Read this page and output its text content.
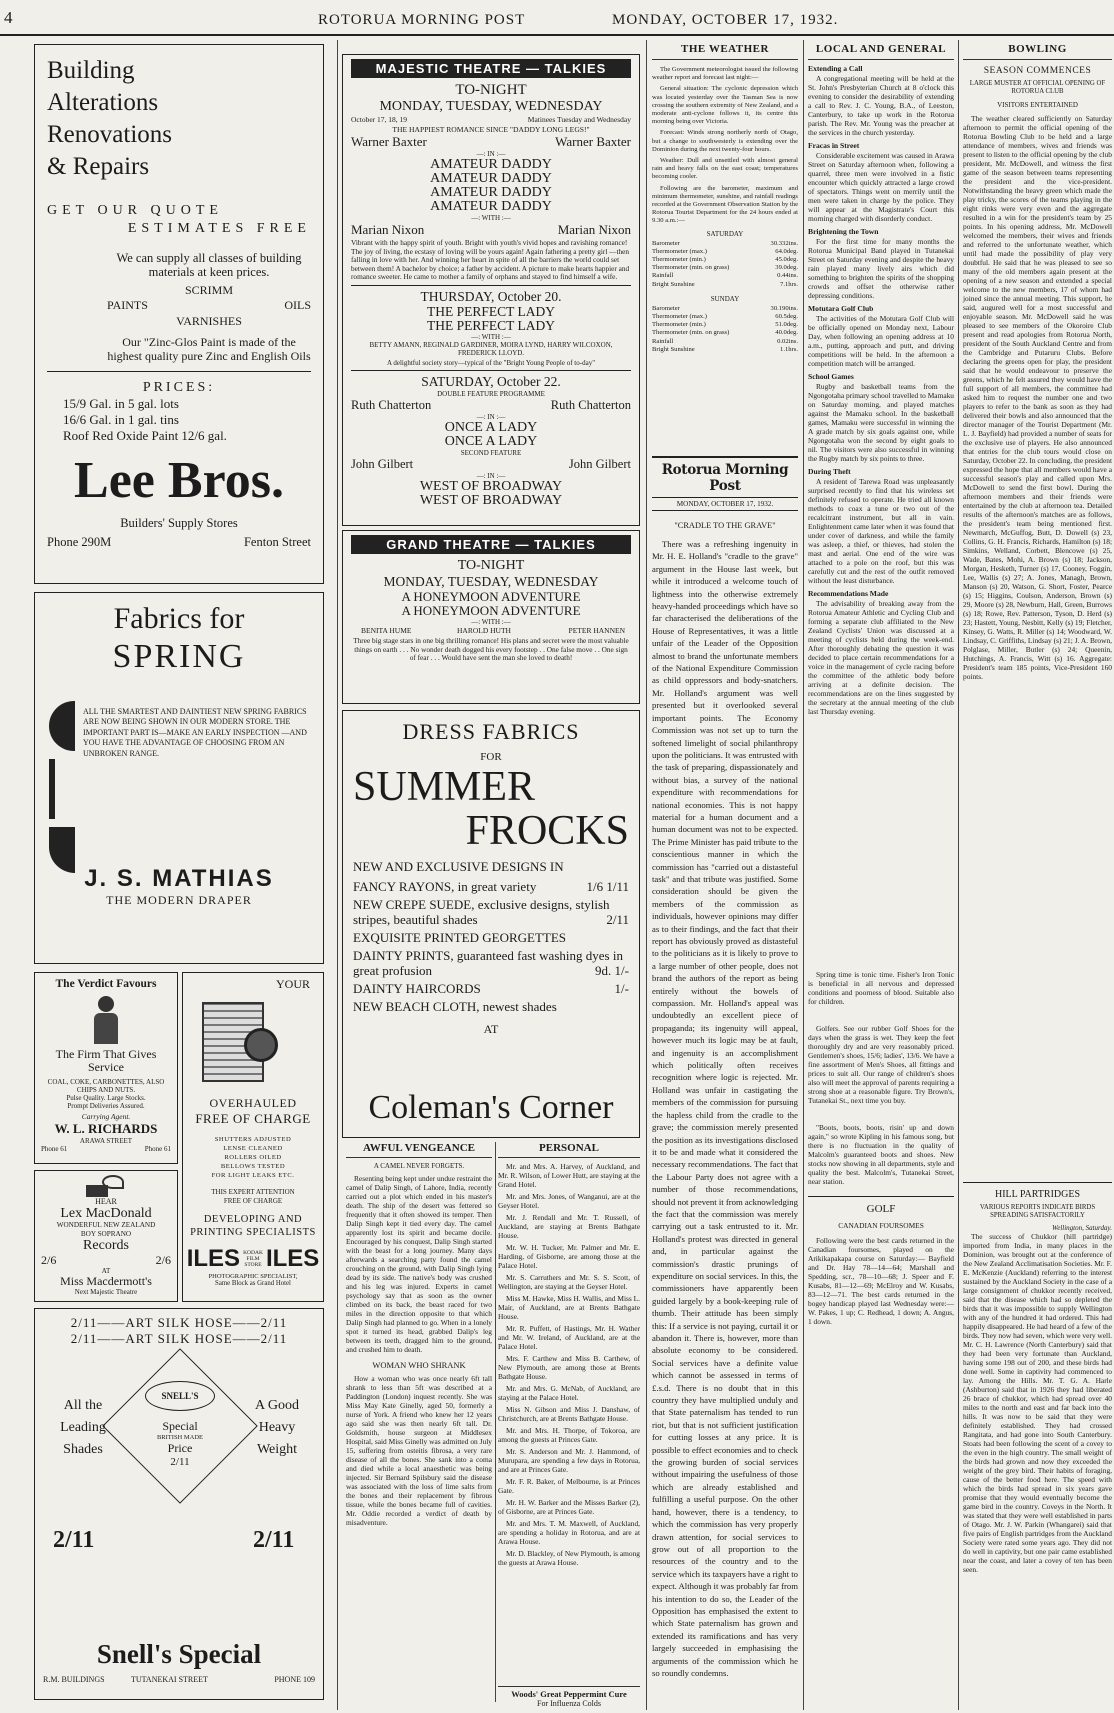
4	ROTORUA MORNING POST	MONDAY, OCTOBER 17, 1932.
Building
Alterations
Renovations
& Repairs
GET OUR QUOTE
ESTIMATES FREE
We can supply all classes of building materials at keen prices.
SCRIMM
PAINTS	OILS
VARNISHES
Our "Zinc-Glos Paint is made of the highest quality pure Zinc and English Oils
PRICES:
15/9 Gal. in 5 gal. lots
16/6 Gal. in 1 gal. tins
Roof Red Oxide Paint 12/6 gal.
Lee Bros.
Builders' Supply Stores
Phone 290M	Fenton Street
Fabrics for
SPRING
ALL THE SMARTEST AND DAINTIEST NEW SPRING FABRICS ARE NOW BEING SHOWN IN OUR MODERN STORE. THE IMPORTANT PART IS—MAKE AN EARLY INSPECTION —AND YOU HAVE THE ADVANTAGE OF CHOOSING FROM AN UNBROKEN RANGE.
J. S. MATHIAS
THE MODERN DRAPER
The Verdict Favours
The Firm That Gives Service
COAL, COKE, CARBONETTES, ALSO CHIPS AND NUTS.
Pulse Quality. Large Stocks.
Prompt Deliveries Assured.
Carrying Agent.
W. L. RICHARDS
ARAWA STREET
Phone 61	Phone 61
YOUR
OVERHAULED
FREE OF CHARGE
SHUTTERS ADJUSTED
LENSE CLEANED
ROLLERS OILED
BELLOWS TESTED
FOR LIGHT LEAKS ETC.
THIS EXPERT ATTENTION
FREE OF CHARGE
DEVELOPING AND
PRINTING SPECIALISTS
ILES KODAK
FILM
STORE ILES
PHOTOGRAPHIC SPECIALIST,
Same Block as Grand Hotel
HEAR
Lex MacDonald
WONDERFUL NEW ZEALAND
BOY SOPRANO
Records
2/6	2/6
AT
Miss Macdermott's
Next Majestic Theatre
2/11——ART SILK HOSE——2/11
2/11——ART SILK HOSE——2/11
All the
Leading
Shades
A Good
Heavy
Weight
SNELL'S
Special
BRITISH MADE
Price
2/11
2/11	2/11
Snell's Special
R.M. BUILDINGS	TUTANEKAI STREET	PHONE 109
MAJESTIC THEATRE — TALKIES
TO-NIGHT
MONDAY, TUESDAY, WEDNESDAY
October 17, 18, 19	Matinees Tuesday and Wednesday
THE HAPPIEST ROMANCE SINCE "DADDY LONG LEGS!"
Warner Baxter	Warner Baxter
—: IN :—
AMATEUR DADDY
AMATEUR DADDY
AMATEUR DADDY
AMATEUR DADDY
—: WITH :—
Marian Nixon	Marian Nixon
Vibrant with the happy spirit of youth. Bright with youth's vivid hopes and ravishing romance! The joy of living, the ecstasy of loving will be yours again! Again fathering a pretty girl —then falling in love with her. And winning her heart in spite of all the barriers the world could set between them! A bachelor by choice; a father by accident. A picture to make hearts happier and romance sweeter. He came to mother a family of orphans and stayed to find himself a wife.
THURSDAY, October 20.
THE PERFECT LADY
THE PERFECT LADY
—: WITH :—
BETTY AMANN, REGINALD GARDINER, MOIRA LYND, HARRY WILCOXON, FREDERICK LLOYD.
A delightful society story—typical of the "Bright Young People of to-day"
SATURDAY, October 22.
DOUBLE FEATURE PROGRAMME
Ruth Chatterton	Ruth Chatterton
—: IN :—
ONCE A LADY
ONCE A LADY
SECOND FEATURE
John Gilbert	John Gilbert
—: IN :—
WEST OF BROADWAY
WEST OF BROADWAY
GRAND THEATRE — TALKIES
TO-NIGHT
MONDAY, TUESDAY, WEDNESDAY
A HONEYMOON ADVENTURE
A HONEYMOON ADVENTURE
—: WITH :—
BENITA HUME	HAROLD HUTH	PETER HANNEN
Three big stage stars in one big thrilling romance! His plans and secret were the most valuable things on earth . . . No wonder death dogged his every footstep . . One false move . . One sign of fear . . . Would have sent the man she loved to death!
DRESS FABRICS
FOR
SUMMER
FROCKS
NEW AND EXCLUSIVE DESIGNS IN
FANCY RAYONS, in great variety	1/6 1/11
NEW CREPE SUEDE, exclusive designs, stylish stripes, beautiful shades	2/11
EXQUISITE PRINTED GEORGETTES
DAINTY PRINTS, guaranteed fast washing dyes in great profusion	9d. 1/-
DAINTY HAIRCORDS	1/-
NEW BEACH CLOTH, newest shades
AT
Coleman's Corner
AWFUL VENGEANCE
A CAMEL NEVER FORGETS.

Resenting being kept under undue restraint the camel of Dalip Singh, of Lahore, India, recently carried out a plot which ended in his master's death. The ship of the desert was fettered so frequently that it often showed its temper. Then Dalip Singh kept it tied every day. The camel apparently lost its spirit and became docile. Encouraged by his conquest, Dalip Singh started with the beast for a long journey. Many days afterwards a searching party found the camel crouching on the ground, with Dalip Singh lying dead by its side. The native's body was crushed and his leg was injured. Experts in camel psychology say that as soon as the owner climbed on its back, the beast raced for two miles in the direction opposite to that which Dalip Singh had planned to go. When in a lonely spot it turned its head, grabbed Dalip's leg between its teeth, dragged him to the ground, and crushed him to death.

WOMAN WHO SHRANK

How a woman who was once nearly 6ft tall shrank to less than 5ft was described at a Paddington (London) inquest recently. She was Miss May Kate Ginelly, aged 50, formerly a nurse of York. A friend who knew her 12 years ago said she was then nearly 6ft tall. Dr. Goldsmith, house surgeon at Middlesex Hospital, said Miss Ginelly was admitted on July 15, suffering from osteitis fibrosa, a very rare disease of all the bones. She sank into a coma and died while a local anaesthetic was being injected. Sir Bernard Spilsbury said the disease was associated with the loss of lime salts from the bones and their replacement by fibrous tissue, while the bones became full of cavities. Mr. Oddie recorded a verdict of death by misadventure.

PERSONAL

Mr. and Mrs. A. Harvey, of Auckland, and Mr. R. Wilson, of Lower Hutt, are staying at the Grand Hotel.

Mr. and Mrs. Jones, of Wanganui, are at the Geyser Hotel.

Mr. J. Rendall and Mr. T. Russell, of Auckland, are staying at Brents Bathgate House.

Mr. W. H. Tucker, Mr. Palmer and Mr. E. Harding, of Gisborne, are among those at the Palace Hotel.

Mr. S. Carruthers and Mr. S. S. Scott, of Wellington, are staying at the Geyser Hotel.

Miss M. Hawke, Miss H. Wallis, and Miss L. Mair, of Auckland, are at Brents Bathgate House.

Mr. R. Puffett, of Hastings, Mr. H. Wather and Mr. W. Ireland, of Auckland, are at the Palace Hotel.

Mrs. F. Carthew and Miss B. Carthew, of New Plymouth, are among those at Brents Bathgate House.

Mr. and Mrs. G. McNab, of Auckland, are staying at the Palace Hotel.

Miss N. Gibson and Miss J. Danshaw, of Christchurch, are at Brents Bathgate House.

Mr. and Mrs. H. Thorpe, of Tokoroa, are among the guests at Princes Gate.

Mr. S. Anderson and Mr. J. Hammond, of Murupara, are spending a few days in Rotorua, and are at Princes Gate.

Mr. F. R. Baker, of Melbourne, is at Princes Gate.

Mr. H. W. Barker and the Misses Barker (2), of Gisborne, are at Princes Gate.

Mr. and Mrs. T. M. Maxwell, of Auckland, are spending a holiday in Rotorua, and are at Arawa House.

Mr. D. Blackley, of New Plymouth, is among the guests at Arawa House.

Woods' Great Peppermint Cure
For Influenza Colds
THE WEATHER

The Government meteorologist issued the following weather report and forecast last night:—

General situation: The cyclonic depression which was located yesterday over the Tasman Sea is now crossing the southern extremity of New Zealand, and a moderate anti-cyclone follows it, its centre this morning being over Victoria.

Forecast: Winds strong northerly north of Otago, but a change to southwesterly is extending over the Dominion during the next twenty-four hours.

Weather: Dull and unsettled with almost general rain and heavy falls on the east coast; temperatures becoming cooler.

Following are the barometer, maximum and minimum thermometer, sunshine, and rainfall readings recorded at the Government Observation Station by the Rotorua Tourist Department for the 24 hours ended at 9.30 a.m.:—

SATURDAY
Barometer	30.332ins.
Thermometer (max.)	64.0deg.
Thermometer (min.)	45.0deg.
Thermometer (min. on grass)	39.0deg.
Rainfall	0.44ins.
Bright Sunshine	7.1hrs.
SUNDAY
Barometer	30.190ins.
Thermometer (max.)	60.5deg.
Thermometer (min.)	51.0deg.
Thermometer (min. on grass)	40.0deg.
Rainfall	0.02ins.
Bright Sunshine	1.1hrs.
Rotorua Morning Post
MONDAY, OCTOBER 17, 1932.
"CRADLE TO THE GRAVE"

There was a refreshing ingenuity in Mr. H. E. Holland's "cradle to the grave" argument in the House last week, but while it introduced a welcome touch of lightness into the otherwise extremely heavy-handed proceedings which have so far characterised the deliberations of the House of Representatives, it was a little unfair of the Leader of the Opposition almost to brand the unfortunate members of the National Expenditure Commission as child oppressors and body-snatchers. Mr. Holland's argument was well presented but it overlooked several important points. The Economy Commission was not set up to turn the softened limelight of social philanthropy upon the politicians. It was entrusted with the task of preparing, dispassionately and without bias, a survey of the national expenditure with recommendations for national economies. This is not happy material for a human document and a human document was not to be expected. The Prime Minister has paid tribute to the conscientious manner in which the commission has "carried out a distasteful task" and that tribute was justified. Some consideration should be given the members of the commission as individuals, however opinions may differ as to their findings, and the fact that their report has obviously proved as distasteful to the politicians as it is likely to prove to a large number of other people, does not brand the authors of the report as being entirely without the bowels of compassion. Mr. Holland's appeal was undoubtedly an excellent piece of propaganda; its ingenuity will appeal, however much its logic may be at fault, and ingenuity is an accomplishment which politically often receives recognition where logic is rejected. Mr. Holland was unfair in castigating the members of the commission for pursuing the hapless child from the cradle to the grave; the commission merely presented the position as its investigations disclosed it to be and made what it considered the necessary recommendations. The fact that the Labour Party does not agree with a number of those recommendations, should not prevent it from acknowledging the fact that the commission was merely carrying out a task entrusted to it. Mr. Holland's protest was directed in general and, in particular against the commission's drastic prunings of expenditure on social services. In this, the commissioners have apparently been guided largely by a book-keeping rule of thumb. Their attitude has been simply this: If a service is not paying, curtail it or abandon it. There is, however, more than absolute economy to be considered. Social services have a definite value which cannot be assessed in terms of £.s.d. There is no doubt that in this country they have multiplied unduly and that State paternalism has tended to run riot, but that is not sufficient justification for cutting losses at any price. It is possible to effect economies and to check the growing burden of social services without impairing the usefulness of those which are already established and fulfilling a useful purpose. On the other hand, however, there is a tendency, to which the commission has very properly drawn attention, for social services to grow out of all proportion to the resources of the country and to the service which its taxpayers have a right to expect. Although it was probably far from his intention to do so, the Leader of the Opposition has emphasised the extent to which State paternalism has grown and extended its ramifications and has very largely succeeded in emphasising the arguments of the commission which he so roundly condemns.

LOCAL AND GENERAL
Extending a Call

A congregational meeting will be held at the St. John's Presbyterian Church at 8 o'clock this evening to consider the desirability of extending a call to Rev. J. C. Young, B.A., of Leeston, Canterbury, to take up work in the Rotorua parish. The Rev. Mr. Young was the preacher at the services in the church yesterday.

Fracas in Street

Considerable excitement was caused in Arawa Street on Saturday afternoon when, following a quarrel, three men were involved in a fistic encounter which quickly attracted a large crowd of spectators. Things went on merrily until the men were taken in charge by the police. They will appear at the Magistrate's Court this morning charged with disorderly conduct.

Brightening the Town

For the first time for many months the Rotorua Municipal Band played in Tutanekai Street on Saturday evening and despite the heavy rain played many lively airs which did something to brighten the spirits of the shopping crowds and offset the otherwise rather depressing conditions.

Motutara Golf Club

The activities of the Motutara Golf Club will be officially opened on Monday next, Labour Day, when following an opening address at 10 a.m., putting, approach and putt, and driving competitions will be held. In the afternoon a competition match will be arranged.

School Games

Rugby and basketball teams from the Ngongotaha primary school travelled to Mamaku on Saturday morning, and played matches against the Mamaku school. In the basketball games, Mamaku were successful in winning the A grade match by six goals against one, while Ngongotaha won the second by eight goals to nil. The visitors were also successful in winning the Rugby match by six points to three.

During Theft

A resident of Tarewa Road was unpleasantly surprised recently to find that his wireless set definitely refused to operate. He tried all known methods to coax a tune or two out of the recalcitrant instrument, but all in vain. Enlightenment came later when it was found that under cover of darkness, and while the family was asleep, a thief, or thieves, had stolen the mast and aerial. One end of the wire was attached to a pole on the roof, but this was carefully cut and the rest of the outfit removed without the least disturbance.

Recommendations Made

The advisability of breaking away from the Rotorua Amateur Athletic and Cycling Club and forming a separate club affiliated to the New Zealand Cyclists' Union was discussed at a meeting of cyclists held during the week-end. After thoroughly debating the question it was decided to place certain recommendations for a voice in the management of cycle racing before the committee of the athletic body before arriving at a definite decision. The recommendations are on the lines suggested by the secretary at the annual meeting of the club last Thursday evening.

Spring time is tonic time. Fisher's Iron Tonic is beneficial in all nervous and depressed conditions and poorness of blood. Suitable also for children.

Golfers. See our rubber Golf Shoes for the days when the grass is wet. They keep the feet thoroughly dry and are very reasonably priced. Gentlemen's shoes, 15/6; ladies', 13/6. We have a fine assortment of Men's Shoes, all fittings and prices to suit all. Our range of children's shoes also will meet the approval of parents requiring a strong shoe at a reasonable figure. Try Brown's, Tutanekai St., next time you buy.

"Boots, boots, boots, risin' up and down again," so wrote Kipling in his famous song, but there is no fluctuation in the quality of Malcolm's guaranteed boots and shoes. New stocks now showing in all departments, style and quality the best. Malcolm's, Tutanekai Street, near station.

GOLF
CANADIAN FOURSOMES

Following were the best cards returned in the Canadian foursomes, played on the Arikikapakapa course on Saturday:— Bayfield and Dr. Hay 78—14—64; Marshall and Spedding, scr., 78—10—68; J. Speer and F. Kusabs, 81—12—69; McElroy and W. Kusabs, 83—12—71. The best cards returned in the bogey handicap played last Wednesday were:—W. Pakes, 1 up; C. Redhead, 1 down; A. Angus, 1 down.

BOWLING
SEASON COMMENCES
LARGE MUSTER AT OFFICIAL OPENING OF ROTORUA CLUB
VISITORS ENTERTAINED

The weather cleared sufficiently on Saturday afternoon to permit the official opening of the Rotorua Bowling Club to be held and a large attendance of members, wives and friends was present to listen to the official opening by the club president, Mr. McDowell, and witness the first game of the season between teams representing the president and the vice-president. Notwithstanding the heavy green which made the play tricky, the scores of the teams playing in the eight rinks were very even and the aggregate resulted in a win for the president's team by 25 points. In his opening address, Mr. McDowell welcomed the members, their wives and friends and referred to the unfortunate weather, which until had made the possibility of play very doubtful. He said that he was pleased to see so many of the old members again present at the opening of a new season and extended a special welcome to the new members, 17 of whom had joined since the annual meeting. This support, he said, augured well for a most successful and enjoyable season. Mr. McDowell said he was pleased to see members of the Okoroire Club present and read apologies from Rotorua North, president of the South Auckland Centre and from the Cambridge and Putaruru Clubs. Before declaring the greens open for play, the president said that he would endeavour to preserve the greens, which he felt assured they would have the full support of all members, the committee had asked him to request the number one and two players to refer to the bank as soon as they had delivered their bowls and also announced that the director manager of the Tourist Department (Mr. L. J. Bayfield) had provided a number of seats for the exclusive use of players. He also announced that entries for the club tours would close on Saturday, October 22. In concluding, the president expressed the hope that all members would have a successful season's play and called upon Mrs. McDowell to send the first bowl. During the afternoon members and their friends were entertained by the club at afternoon tea. Detailed results of the afternoon's matches are as follows, the president's team being mentioned first. Newmarch, McGuffog, Butt, D. Dowell (s) 23, Collins, G. H. Francis, Richards, Hamilton (s) 18; Simkins, Welland, Corbett, Blencowe (s) 25, Wade, Bates, Mohi, A. Brown (s) 18; Jackson, Morgan, Hesketh, Turner (s) 17, Cooney, Foggin, Lee, Wallis (s) 27; A. Jones, Managh, Brown, Manson (s) 20, Watson, G. Short, Foster, Pearce (s) 15; Higgins, Coulson, Anderson, Brown (s) 29, Moore (s) 28, Newburn, Hall, Green, Burrows (s) 18; Rowe, Rev. Patterson, Tyson, D. Herd (s) 23; Hastett, Young, Nesbitt, Kelly (s) 19; Fletcher, Kinsey, G. Watts, R. Miller (s) 14; Woodward, W. Lindsay, C. Griffiths, Lindsay (s) 21; J. A. Brown, Polglase, Miller, Butler (s) 24; Queenin, Hutchings, A. Francis, Witt (s) 16. Aggregate: President's team 185 points, Vice-President 160 points.

HILL PARTRIDGES
VARIOUS REPORTS INDICATE BIRDS SPREADING SATISFACTORILY
Wellington, Saturday.

The success of Chukkor (hill partridge) imported from India, in many places in the Dominion, was brought out at the conference of the New Zealand Acclimatisation Societies. Mr. F. E. McKenzie (Auckland) referring to the interest sustained by the Auckland Society in the case of a large consignment of chukkor recently received, said that the disease which had so depleted the birds that it was impossible to supply Wellington with any of the hundred it had ordered. This had happily disappeared. He had heard of a few of the birds. They now had seven, which were very well. Mr. C. H. Lawrence (North Canterbury) said that they had been very fortunate than Auckland, having some 198 out of 200, and these birds had done well. Some in captivity had commenced to lay. Among the Hills. Mr. T. G. A. Harle (Ashburton) said that in 1926 they had liberated 26 brace of chukkor, which had spread over 40 miles to the north and east and far back into the hills. It was now to be said that they were definitely established. They had crossed Rangitata, and had gone into South Canterbury. Stoats had been following the scent of a covey to the even in the high country. The small weight of the birds had grown and now they exceeded the weight of the grey bird. Their habits of foraging, cause of the better food here. The speed with which the birds had spread in six years gave promise that they would eventually become the game bird in the country. Coveys in the North. It was stated that they were well established in parts of Otago. Mr. J. W. Parkin (Whangarei) said that five pairs of English partridges from the Auckland Society were rated some years ago. They did not do well in captivity, but one pair came established near the coast, and later a covey of ten has been seen.
